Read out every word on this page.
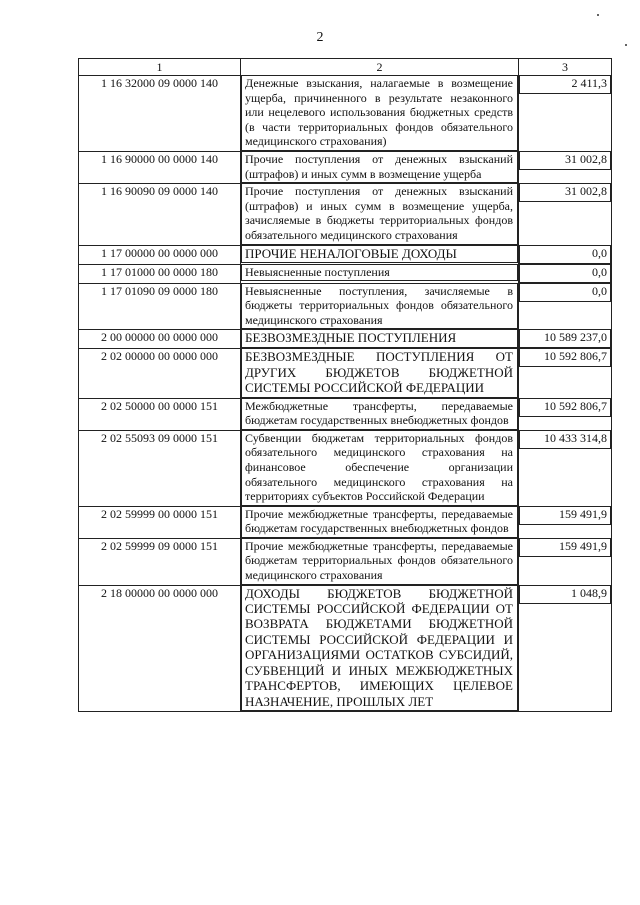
2
1	2	3
1 16 32000 09 0000 140	Денежные взыскания, налагаемые в возмещение ущерба, причиненного в результате незаконного или нецелевого использования бюджетных средств (в части территориальных фондов обязательного медицинского страхования)	2 411,3

1 16 90000 00 0000 140	Прочие поступления от денежных взысканий (штрафов) и иных сумм в возмещение ущерба	31 002,8

1 16 90090 09 0000 140	Прочие поступления от денежных взысканий (штрафов) и иных сумм в возмещение ущерба, зачисляемые в бюджеты территориальных фондов обязательного медицинского страхования	31 002,8

1 17 00000 00 0000 000	ПРОЧИЕ НЕНАЛОГОВЫЕ ДОХОДЫ	0,0

1 17 01000 00 0000 180	Невыясненные поступления	0,0

1 17 01090 09 0000 180	Невыясненные поступления, зачисляемые в бюджеты территориальных фондов обязательного медицинского страхования	0,0

2 00 00000 00 0000 000	БЕЗВОЗМЕЗДНЫЕ ПОСТУПЛЕНИЯ	10 589 237,0

2 02 00000 00 0000 000	БЕЗВОЗМЕЗДНЫЕ ПОСТУПЛЕНИЯ ОТ ДРУГИХ БЮДЖЕТОВ БЮДЖЕТНОЙ СИСТЕМЫ РОССИЙСКОЙ ФЕДЕРАЦИИ	10 592 806,7

2 02 50000 00 0000 151	Межбюджетные трансферты, передаваемые бюджетам государственных внебюджетных фондов	10 592 806,7

2 02 55093 09 0000 151	Субвенции бюджетам территориальных фондов обязательного медицинского страхования на финансовое обеспечение организации обязательного медицинского страхования на территориях субъектов Российской Федерации	10 433 314,8

2 02 59999 00 0000 151	Прочие межбюджетные трансферты, передаваемые бюджетам государственных внебюджетных фондов	159 491,9

2 02 59999 09 0000 151	Прочие межбюджетные трансферты, передаваемые бюджетам территориальных фондов обязательного медицинского страхования	159 491,9

2 18 00000 00 0000 000	ДОХОДЫ БЮДЖЕТОВ БЮДЖЕТНОЙ СИСТЕМЫ РОССИЙСКОЙ ФЕДЕРАЦИИ ОТ ВОЗВРАТА БЮДЖЕТАМИ БЮДЖЕТНОЙ СИСТЕМЫ РОССИЙСКОЙ ФЕДЕРАЦИИ И ОРГАНИЗАЦИЯМИ ОСТАТКОВ СУБСИДИЙ, СУБВЕНЦИЙ И ИНЫХ МЕЖБЮДЖЕТНЫХ ТРАНСФЕРТОВ, ИМЕЮЩИХ ЦЕЛЕВОЕ НАЗНАЧЕНИЕ, ПРОШЛЫХ ЛЕТ	1 048,9
